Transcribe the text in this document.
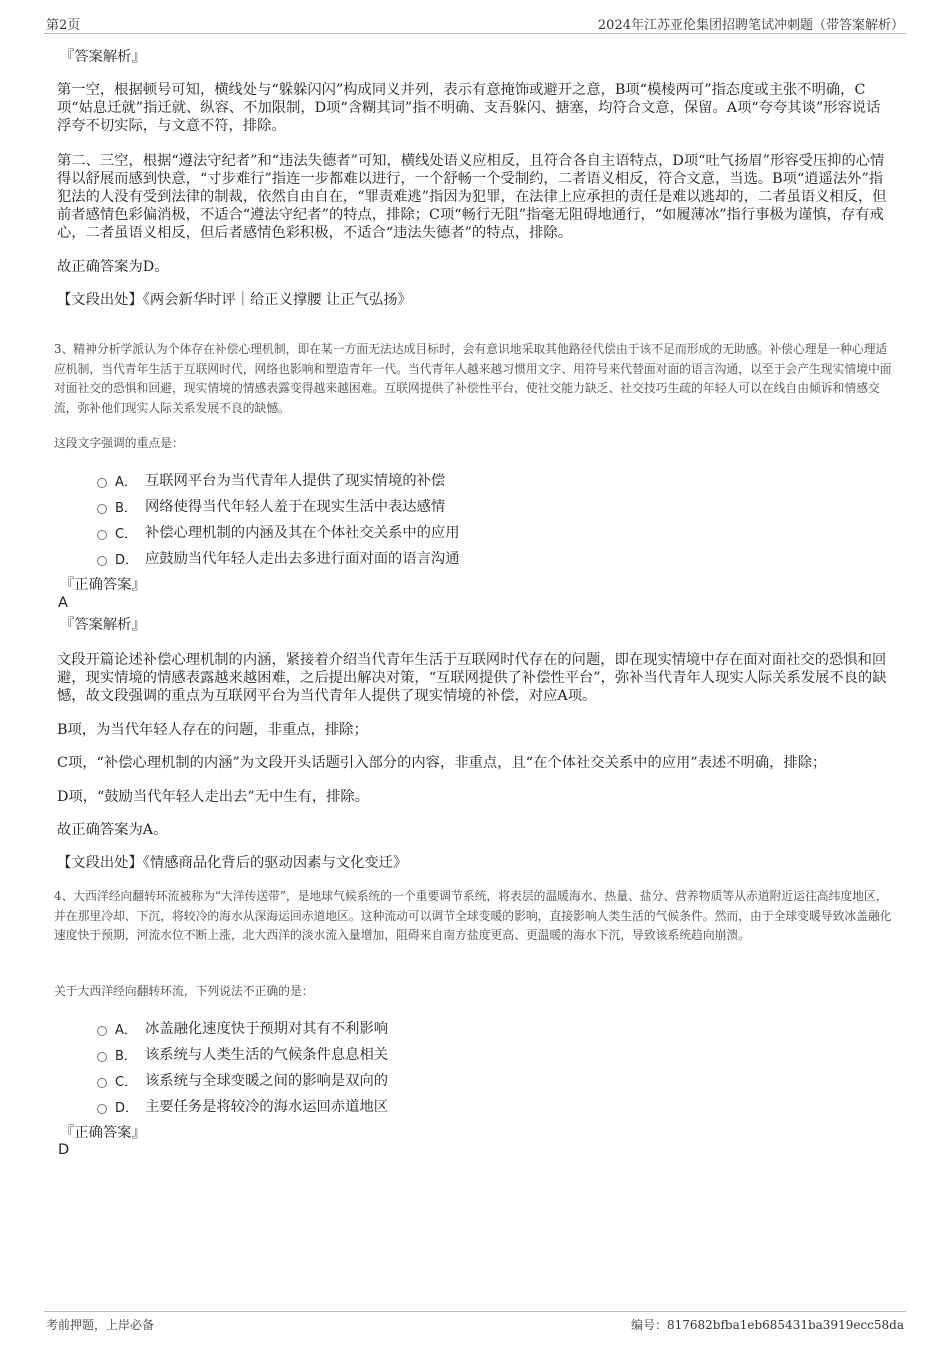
第2页	2024年江苏亚伦集团招聘笔试冲刺题（带答案解析）
『答案解析』

第一空，根据顿号可知，横线处与“躲躲闪闪”构成同义并列，表示有意掩饰或避开之意，B项“模棱两可”指态度或主张不明确，C项“姑息迁就”指迁就、纵容、不加限制，D项“含糊其词”指不明确、支吾躲闪、搪塞，均符合文意，保留。A项“夸夸其谈”形容说话浮夸不切实际，与文意不符，排除。

第二、三空，根据“遵法守纪者”和“违法失德者”可知，横线处语义应相反，且符合各自主语特点，D项“吐气扬眉”形容受压抑的心情得以舒展而感到快意，“寸步难行”指连一步都难以进行，一个舒畅一个受制约，二者语义相反，符合文意，当选。B项“逍遥法外”指犯法的人没有受到法律的制裁，依然自由自在，“罪责难逃”指因为犯罪，在法律上应承担的责任是难以逃却的，二者虽语义相反，但前者感情色彩偏消极，不适合“遵法守纪者”的特点，排除；C项“畅行无阻”指毫无阻碍地通行，“如履薄冰”指行事极为谨慎，存有戒心，二者虽语义相反，但后者感情色彩积极，不适合“违法失德者”的特点，排除。

故正确答案为D。

【文段出处】《两会新华时评｜给正义撑腰 让正气弘扬》

3、精神分析学派认为个体存在补偿心理机制，即在某一方面无法达成目标时，会有意识地采取其他路径代偿由于该不足而形成的无助感。补偿心理是一种心理适应机制，当代青年生活于互联网时代，网络也影响和塑造青年一代。当代青年人越来越习惯用文字、用符号来代替面对面的语言沟通，以至于会产生现实情境中面对面社交的恐惧和回避，现实情境的情感表露变得越来越困难。互联网提供了补偿性平台，使社交能力缺乏、社交技巧生疏的年轻人可以在线自由倾诉和情感交流，弥补他们现实人际关系发展不良的缺憾。

这段文字强调的重点是：

A． 互联网平台为当代青年人提供了现实情境的补偿
B． 网络使得当代年轻人羞于在现实生活中表达感情
C． 补偿心理机制的内涵及其在个体社交关系中的应用
D． 应鼓励当代年轻人走出去多进行面对面的语言沟通
『正确答案』
A
『答案解析』

文段开篇论述补偿心理机制的内涵，紧接着介绍当代青年生活于互联网时代存在的问题，即在现实情境中存在面对面社交的恐惧和回避，现实情境的情感表露越来越困难，之后提出解决对策，“互联网提供了补偿性平台”，弥补当代青年人现实人际关系发展不良的缺憾，故文段强调的重点为互联网平台为当代青年人提供了现实情境的补偿，对应A项。

B项，为当代年轻人存在的问题，非重点，排除；

C项，“补偿心理机制的内涵”为文段开头话题引入部分的内容，非重点，且“在个体社交关系中的应用”表述不明确，排除；

D项，“鼓励当代年轻人走出去”无中生有，排除。

故正确答案为A。

【文段出处】《情感商品化背后的驱动因素与文化变迁》

4、大西洋经向翻转环流被称为“大洋传送带”，是地球气候系统的一个重要调节系统，将表层的温暖海水、热量、盐分、营养物质等从赤道附近运往高纬度地区，并在那里冷却、下沉，将较冷的海水从深海运回赤道地区。这种流动可以调节全球变暖的影响，直接影响人类生活的气候条件。然而，由于全球变暖导致冰盖融化速度快于预期，河流水位不断上涨，北大西洋的淡水流入量增加，阻碍来自南方盐度更高、更温暖的海水下沉，导致该系统趋向崩溃。

关于大西洋经向翻转环流，下列说法不正确的是：

A． 冰盖融化速度快于预期对其有不利影响
B． 该系统与人类生活的气候条件息息相关
C． 该系统与全球变暖之间的影响是双向的
D． 主要任务是将较冷的海水运回赤道地区
『正确答案』
D
考前押题，上岸必备	编号：817682bfba1eb685431ba3919ecc58da
